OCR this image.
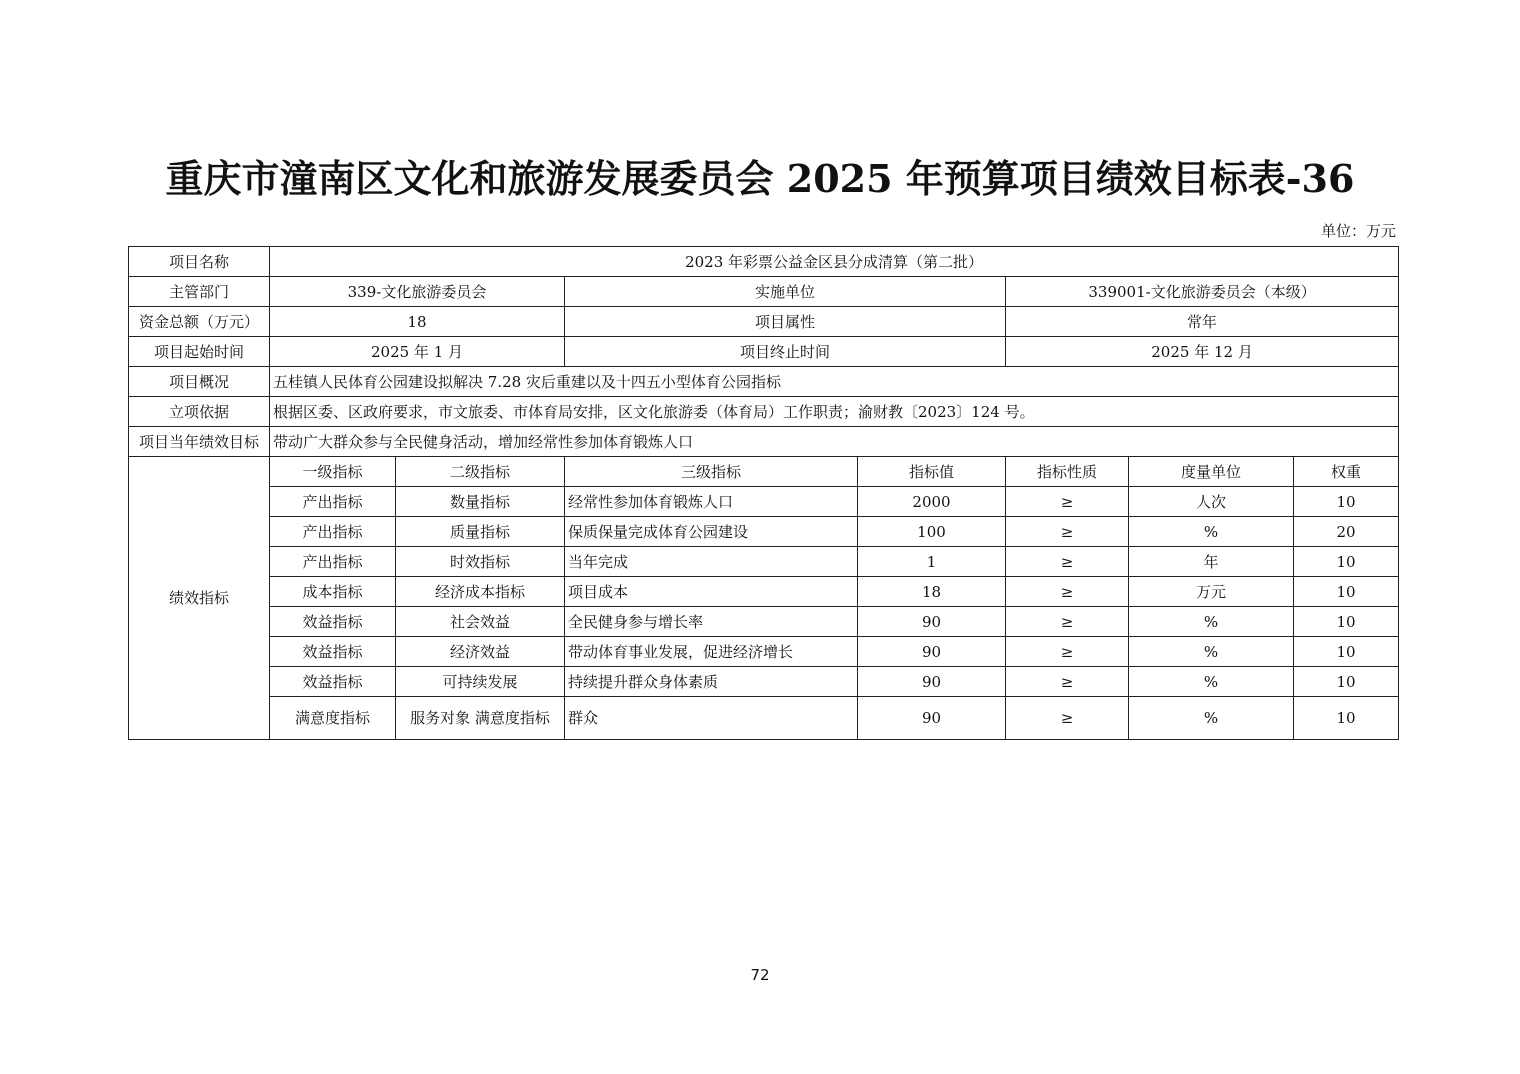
重庆市潼南区文化和旅游发展委员会 2025 年预算项目绩效目标表-36
单位：万元
项目名称	2023 年彩票公益金区县分成清算（第二批）						
主管部门	339-文化旅游委员会		实施单位		339001-文化旅游委员会（本级）		
资金总额（万元）	18		项目属性		常年		
项目起始时间	2025 年 1 月		项目终止时间		2025 年 12 月		
项目概况	五桂镇人民体育公园建设拟解决 7.28 灾后重建以及十四五小型体育公园指标						
立项依据	根据区委、区政府要求，市文旅委、市体育局安排，区文化旅游委（体育局）工作职责；渝财教〔2023〕124 号。						
项目当年绩效目标	带动广大群众参与全民健身活动，增加经常性参加体育锻炼人口						
绩效指标	一级指标	二级指标	三级指标	指标值	指标性质	度量单位	权重
	产出指标	数量指标	经常性参加体育锻炼人口	2000	≥	人次	10
	产出指标	质量指标	保质保量完成体育公园建设	100	≥	%	20
	产出指标	时效指标	当年完成	1	≥	年	10
	成本指标	经济成本指标	项目成本	18	≥	万元	10
	效益指标	社会效益	全民健身参与增长率	90	≥	%	10
	效益指标	经济效益	带动体育事业发展，促进经济增长	90	≥	%	10
	效益指标	可持续发展	持续提升群众身体素质	90	≥	%	10
	满意度指标	服务对象 满意度指标	群众	90	≥	%	10
72
